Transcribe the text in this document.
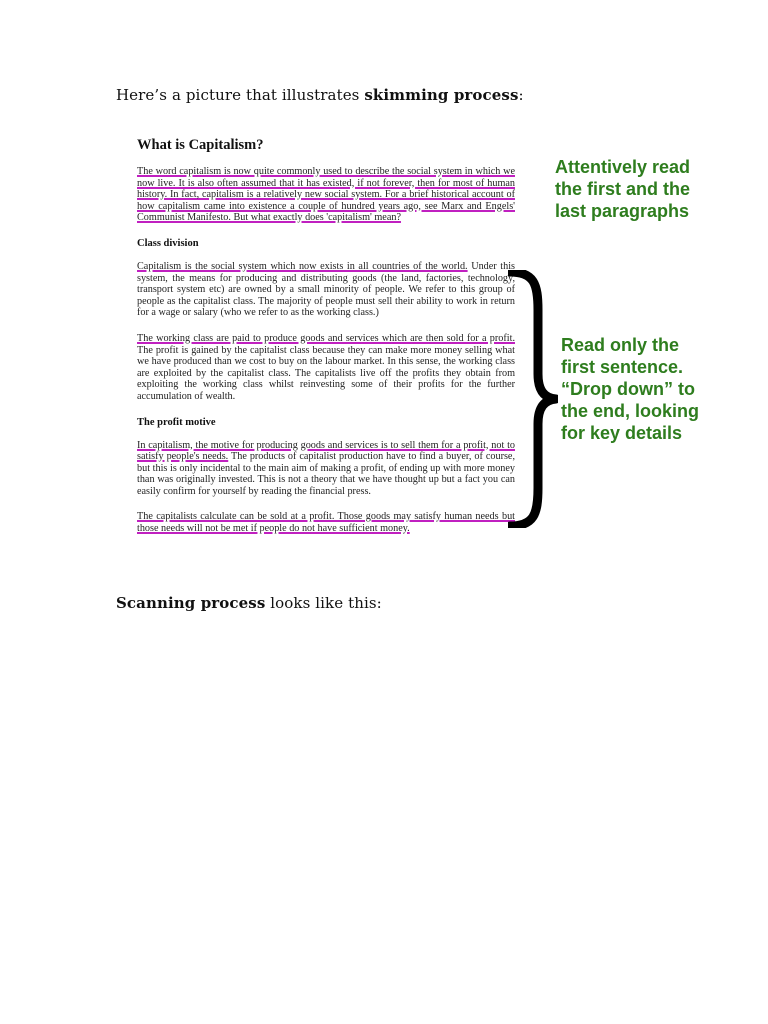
Here’s a picture that illustrates skimming process:
What is Capitalism?

The word capitalism is now quite commonly used to describe the social system in which we now live. It is also often assumed that it has existed, if not forever, then for most of human history. In fact, capitalism is a relatively new social system. For a brief historical account of how capitalism came into existence a couple of hundred years ago, see Marx and Engels' Communist Manifesto. But what exactly does 'capitalism' mean?

Class division

Capitalism is the social system which now exists in all countries of the world. Under this system, the means for producing and distributing goods (the land, factories, technology, transport system etc) are owned by a small minority of people. We refer to this group of people as the capitalist class. The majority of people must sell their ability to work in return for a wage or salary (who we refer to as the working class.)

The working class are paid to produce goods and services which are then sold for a profit. The profit is gained by the capitalist class because they can make more money selling what we have produced than we cost to buy on the labour market. In this sense, the working class are exploited by the capitalist class. The capitalists live off the profits they obtain from exploiting the working class whilst reinvesting some of their profits for the further accumulation of wealth.

The profit motive

In capitalism, the motive for producing goods and services is to sell them for a profit, not to satisfy people's needs. The products of capitalist production have to find a buyer, of course, but this is only incidental to the main aim of making a profit, of ending up with more money than was originally invested. This is not a theory that we have thought up but a fact you can easily confirm for yourself by reading the financial press.

The capitalists calculate can be sold at a profit. Those goods may satisfy human needs but those needs will not be met if people do not have sufficient money.

Attentively read the first and the last paragraphs
Read only the first sentence. “Drop down” to the end, looking for key details
Scanning process looks like this:
